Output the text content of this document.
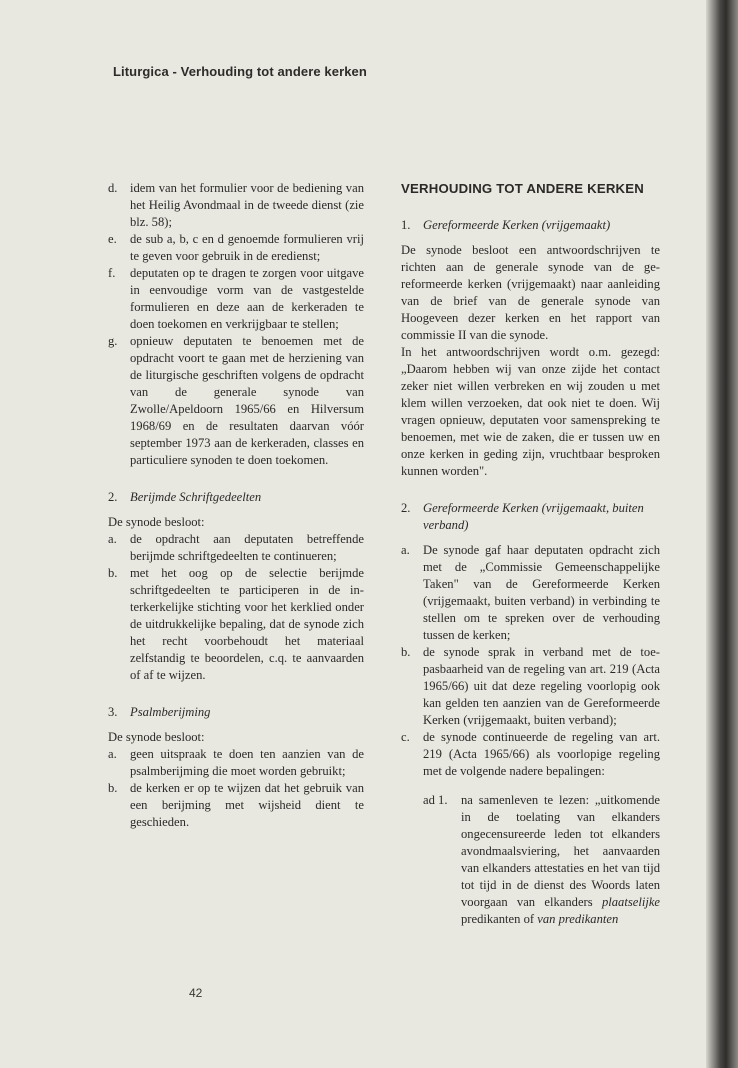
Liturgica - Verhouding tot andere kerken
d. idem van het formulier voor de bediening van het Heilig Avondmaal in de tweede dienst (zie blz. 58);
e.	de sub a, b, c en d genoemde formulieren vrij te geven voor gebruik in de eredienst;
f.	deputaten op te dragen te zorgen voor uitgave in eenvoudige vorm van de vastgestelde formulieren en deze aan de kerkeraden te doen toekomen en verkrijgbaar te stellen;
g. opnieuw deputaten te benoemen met de opdracht voort te gaan met de herziening van de liturgische geschriften volgens de opdracht van de generale synode van Zwolle/Apeldoorn 1965/66 en Hilversum 1968/69 en de resultaten daarvan vóór september 1973 aan de kerkeraden, classes en particuliere synoden te doen toekomen.
2. Berijmde Schriftgedeelten
De synode besloot:
a.	de opdracht aan deputaten betreffende berijmde schriftgedeelten te continueren;
b. met het oog op de selectie berijmde schriftgedeelten te participeren in de interkerkelijke stichting voor het kerklied onder de uitdrukkelijke bepaling, dat de synode zich het recht voorbehoudt het materiaal zelfstandig te beoordelen, c.q. te aanvaarden of af te wijzen.
3. Psalmberijming
De synode besloot:
a.	geen uitspraak te doen ten aanzien van de psalmberijming die moet worden gebruikt;
b. de kerken er op te wijzen dat het gebruik van een berijming met wijsheid dient te geschieden.
VERHOUDING TOT ANDERE KERKEN
1. Gereformeerde Kerken (vrijgemaakt)
De synode besloot een antwoordschrijven te richten aan de generale synode van de gereformeerde kerken (vrijgemaakt) naar aanleiding van de brief van de generale synode van Hoogeveen dezer kerken en het rapport van commissie II van die synode.
In het antwoordschrijven wordt o.m. gezegd: „Daarom hebben wij van onze zijde het contact zeker niet willen verbreken en wij zouden u met klem willen verzoeken, dat ook niet te doen. Wij vragen opnieuw, deputaten voor samenspreking te benoemen, met wie de zaken, die er tussen uw en onze kerken in geding zijn, vruchtbaar besproken kunnen worden".
2. Gereformeerde Kerken (vrijgemaakt, buiten verband)
a.	De synode gaf haar deputaten opdracht zich met de „Commissie Gemeenschappelijke Taken" van de Gereformeerde Kerken (vrijgemaakt, buiten verband) in verbinding te stellen om te spreken over de verhouding tussen de kerken;
b. de synode sprak in verband met de toepasbaarheid van de regeling van art. 219 (Acta 1965/66) uit dat deze regeling voorlopig ook kan gelden ten aanzien van de Gereformeerde Kerken (vrijgemaakt, buiten verband);
c.	de synode continueerde de regeling van art. 219 (Acta 1965/66) als voorlopige regeling met de volgende nadere bepalingen:
ad 1.	na samenleven te lezen: „uitkomende in de toelating van elkanders ongecensureerde leden tot elkanders avondmaalsviering, het aanvaarden van elkanders attestaties en het van tijd tot tijd in de dienst des Woords laten voorgaan van elkanders plaatselijke predikanten of van predikanten
42
